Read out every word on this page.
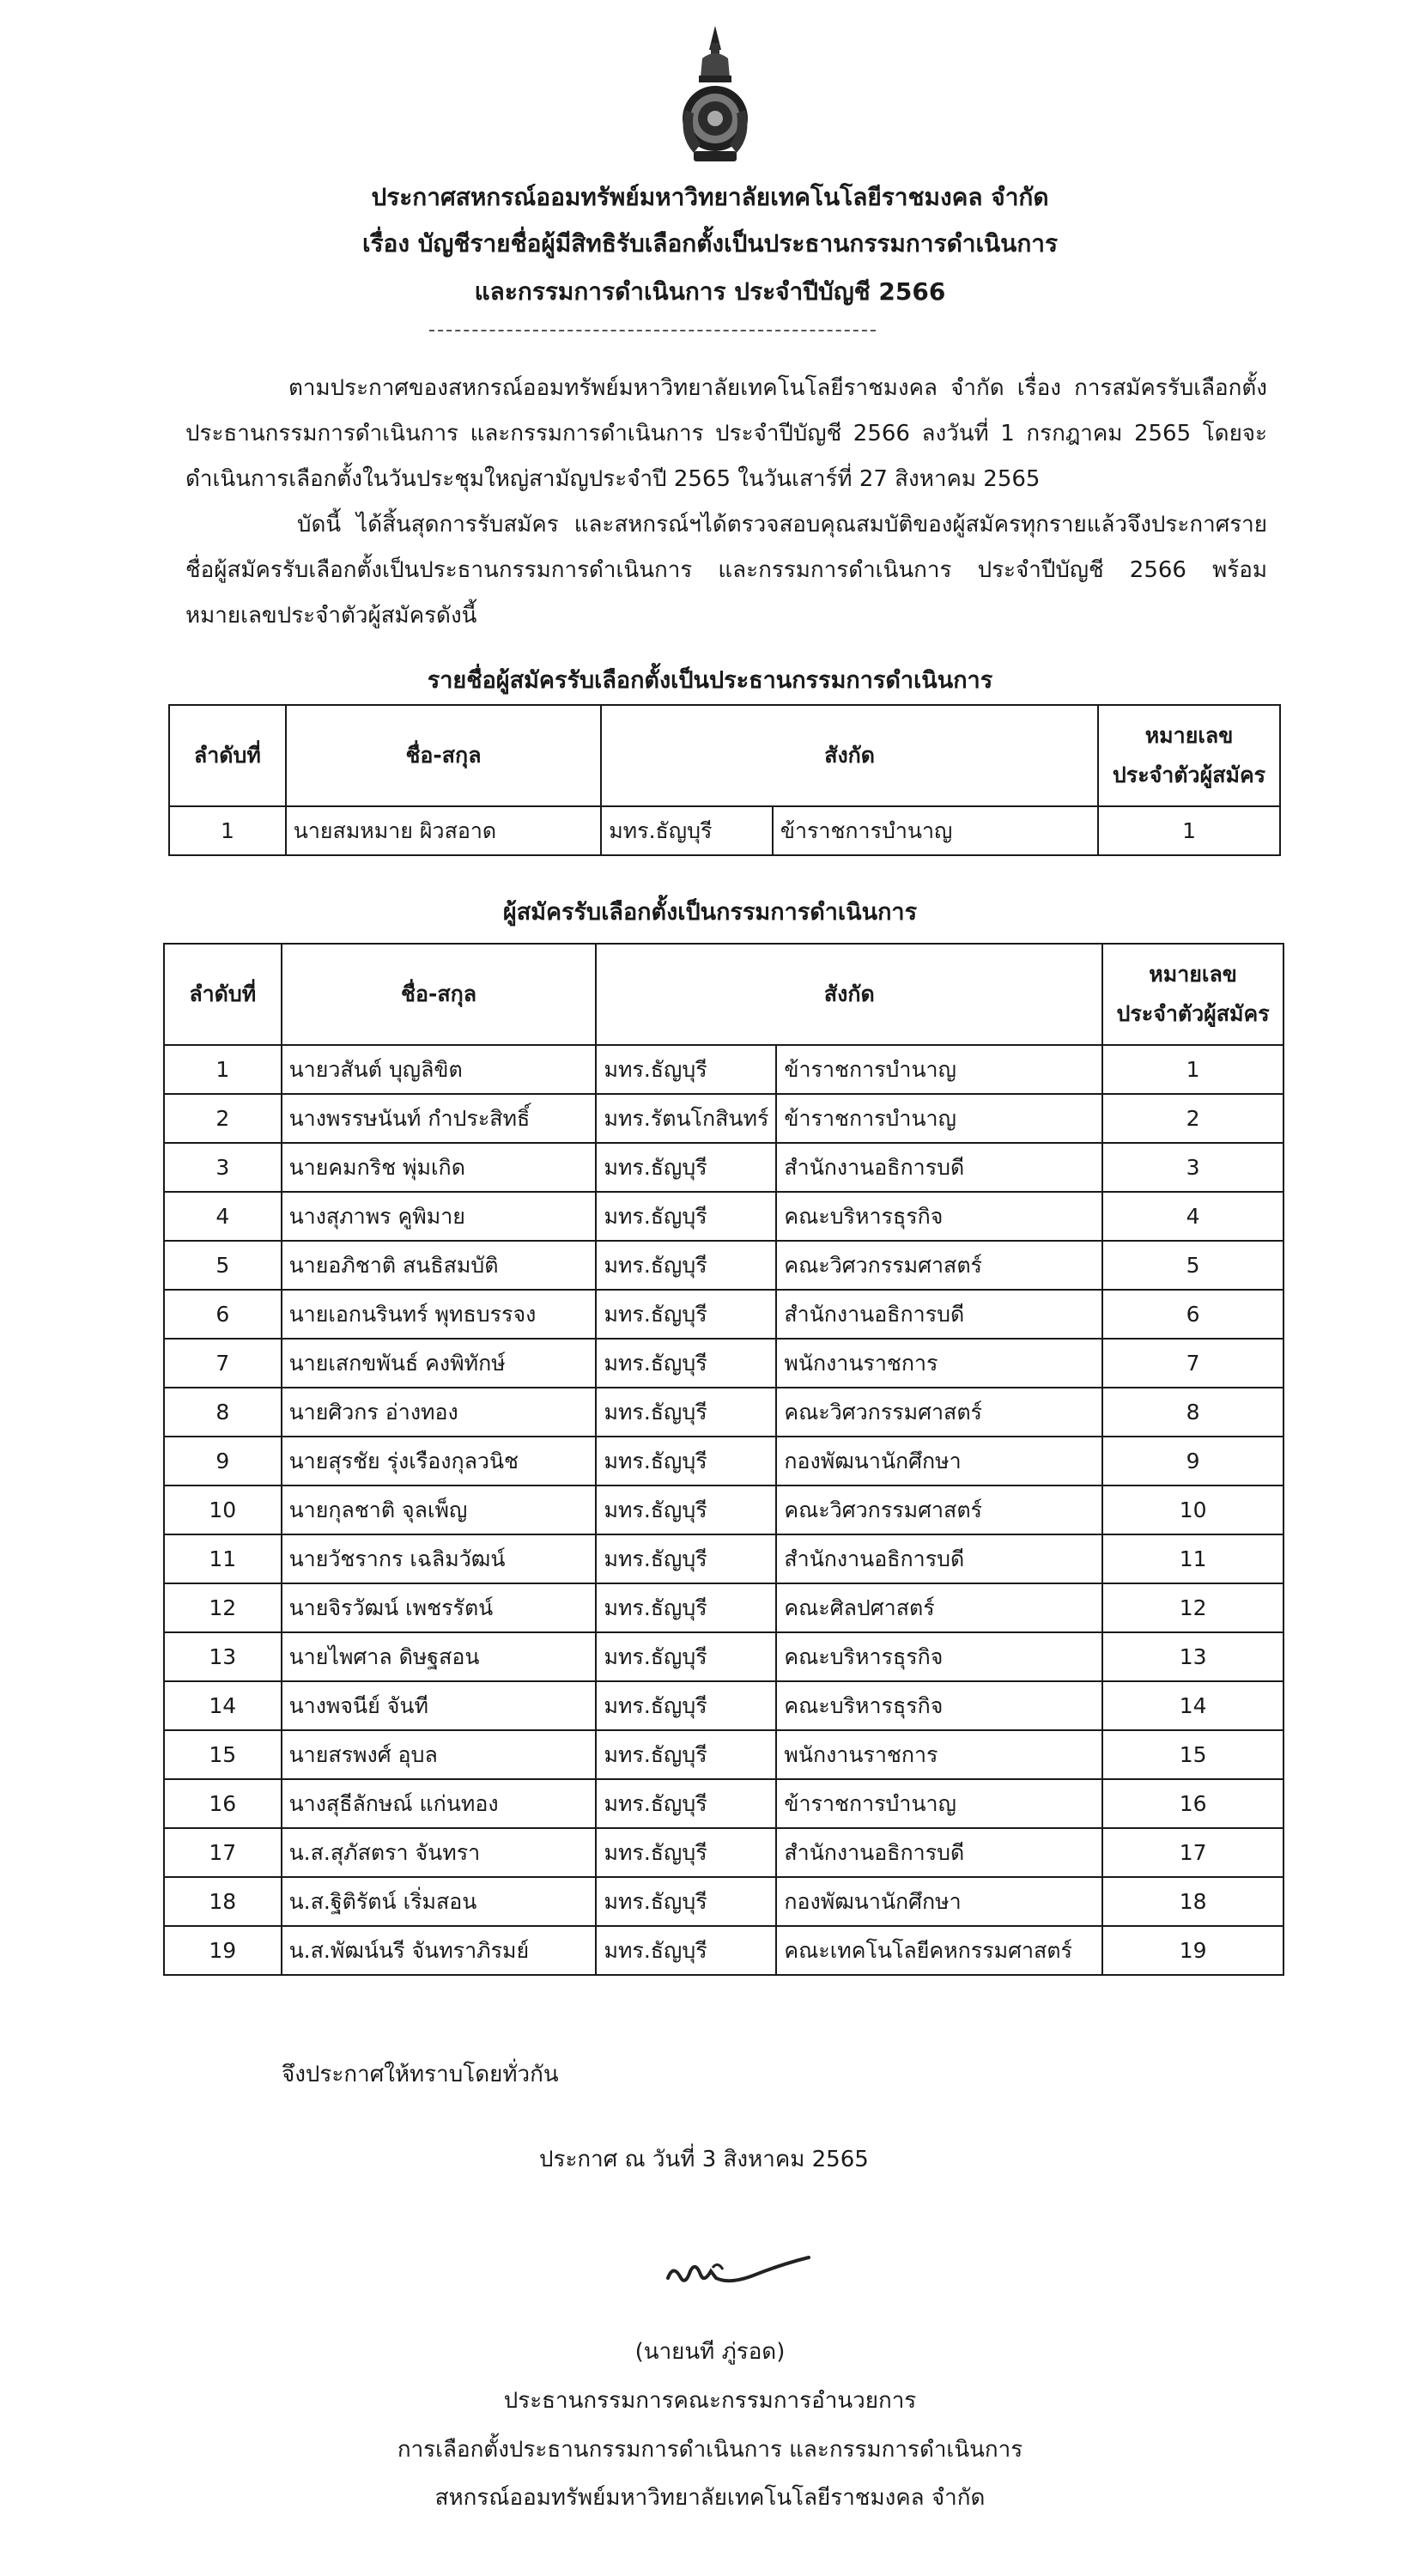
ประกาศสหกรณ์ออมทรัพย์มหาวิทยาลัยเทคโนโลยีราชมงคล จำกัด
เรื่อง บัญชีรายชื่อผู้มีสิทธิรับเลือกตั้งเป็นประธานกรรมการดำเนินการ
และกรรมการดำเนินการ ประจำปีบัญชี 2566
ตามประกาศของสหกรณ์ออมทรัพย์มหาวิทยาลัยเทคโนโลยีราชมงคล จำกัด เรื่อง การสมัครรับเลือกตั้งประธานกรรมการดำเนินการ และกรรมการดำเนินการ ประจำปีบัญชี 2566 ลงวันที่ 1 กรกฎาคม 2565 โดยจะดำเนินการเลือกตั้งในวันประชุมใหญ่สามัญประจำปี 2565 ในวันเสาร์ที่ 27 สิงหาคม 2565
บัดนี้ ได้สิ้นสุดการรับสมัคร และสหกรณ์ฯได้ตรวจสอบคุณสมบัติของผู้สมัครทุกรายแล้วจึงประกาศรายชื่อผู้สมัครรับเลือกตั้งเป็นประธานกรรมการดำเนินการ และกรรมการดำเนินการ ประจำปีบัญชี 2566 พร้อมหมายเลขประจำตัวผู้สมัครดังนี้
รายชื่อผู้สมัครรับเลือกตั้งเป็นประธานกรรมการดำเนินการ
ลำดับที่	ชื่อ-สกุล	สังกัด		หมายเลข
ประจำตัวผู้สมัคร
1	นายสมหมาย ผิวสอาด	มทร.ธัญบุรี	ข้าราชการบำนาญ	1
ผู้สมัครรับเลือกตั้งเป็นกรรมการดำเนินการ
ลำดับที่	ชื่อ-สกุล	สังกัด		หมายเลข
ประจำตัวผู้สมัคร
1	นายวสันต์ บุญลิขิต	มทร.ธัญบุรี	ข้าราชการบำนาญ	1
2	นางพรรษนันท์ กำประสิทธิ์	มทร.รัตนโกสินทร์	ข้าราชการบำนาญ	2
3	นายคมกริช พุ่มเกิด	มทร.ธัญบุรี	สำนักงานอธิการบดี	3
4	นางสุภาพร คูพิมาย	มทร.ธัญบุรี	คณะบริหารธุรกิจ	4
5	นายอภิชาติ สนธิสมบัติ	มทร.ธัญบุรี	คณะวิศวกรรมศาสตร์	5
6	นายเอกนรินทร์ พุทธบรรจง	มทร.ธัญบุรี	สำนักงานอธิการบดี	6
7	นายเสกขพันธ์ คงพิทักษ์	มทร.ธัญบุรี	พนักงานราชการ	7
8	นายศิวกร อ่างทอง	มทร.ธัญบุรี	คณะวิศวกรรมศาสตร์	8
9	นายสุรชัย รุ่งเรืองกุลวนิช	มทร.ธัญบุรี	กองพัฒนานักศึกษา	9
10	นายกุลชาติ จุลเพ็ญ	มทร.ธัญบุรี	คณะวิศวกรรมศาสตร์	10
11	นายวัชรากร เฉลิมวัฒน์	มทร.ธัญบุรี	สำนักงานอธิการบดี	11
12	นายจิรวัฒน์ เพชรรัตน์	มทร.ธัญบุรี	คณะศิลปศาสตร์	12
13	นายไพศาล ดิษฐสอน	มทร.ธัญบุรี	คณะบริหารธุรกิจ	13
14	นางพจนีย์ จันที	มทร.ธัญบุรี	คณะบริหารธุรกิจ	14
15	นายสรพงศ์ อุบล	มทร.ธัญบุรี	พนักงานราชการ	15
16	นางสุธีลักษณ์ แก่นทอง	มทร.ธัญบุรี	ข้าราชการบำนาญ	16
17	น.ส.สุภัสตรา จันทรา	มทร.ธัญบุรี	สำนักงานอธิการบดี	17
18	น.ส.ฐิติรัตน์ เริ่มสอน	มทร.ธัญบุรี	กองพัฒนานักศึกษา	18
19	น.ส.พัฒน์นรี จันทราภิรมย์	มทร.ธัญบุรี	คณะเทคโนโลยีคหกรรมศาสตร์	19
จึงประกาศให้ทราบโดยทั่วกัน
ประกาศ ณ วันที่ 3 สิงหาคม 2565
(นายนที ภู่รอด)
ประธานกรรมการคณะกรรมการอำนวยการ
การเลือกตั้งประธานกรรมการดำเนินการ และกรรมการดำเนินการ
สหกรณ์ออมทรัพย์มหาวิทยาลัยเทคโนโลยีราชมงคล จำกัด
